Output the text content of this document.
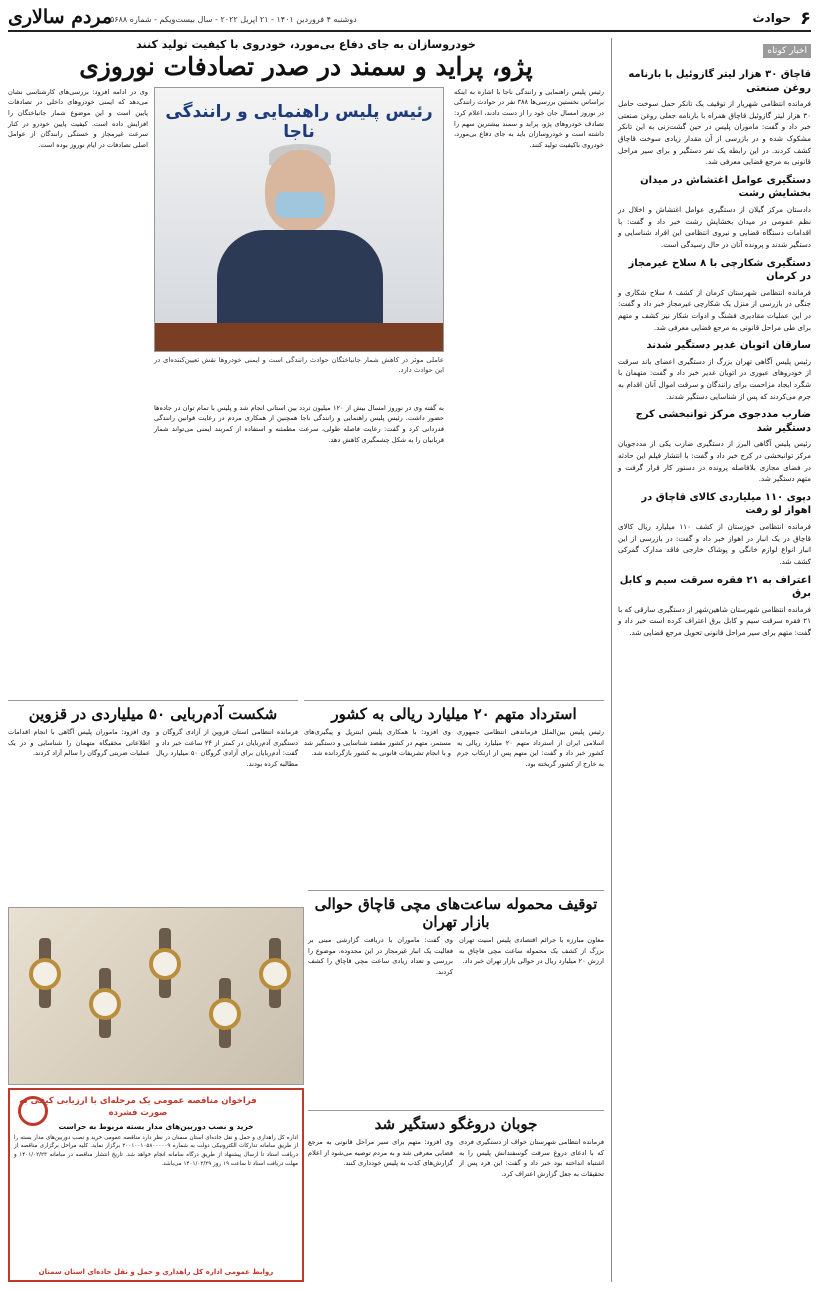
۶
حوادث
مردم سالاری
دوشنبه ۴ فروردین ۱۴۰۱ - ۲۱ اپریل ۲۰۲۲ - سال بیست‌ویکم - شماره ۵۶۸۸
اخبار کوتاه
قاچاق ۳۰ هزار لیتر گازوئیل با بارنامه روغن صنعتی

فرمانده انتظامی شهریار از توقیف یک تانکر حمل سوخت حامل ۳۰ هزار لیتر گازوئیل قاچاق همراه با بارنامه جعلی روغن صنعتی خبر داد و گفت: ماموران پلیس در حین گشت‌زنی به این تانکر مشکوک شده و در بازرسی از آن مقدار زیادی سوخت قاچاق کشف کردند. در این رابطه یک نفر دستگیر و برای سیر مراحل قانونی به مرجع قضایی معرفی شد.

دستگیری عوامل اغتشاش در میدان بخشایش رشت

دادستان مرکز گیلان از دستگیری عوامل اغتشاش و اخلال در نظم عمومی در میدان بخشایش رشت خبر داد و گفت: با اقدامات دستگاه قضایی و نیروی انتظامی این افراد شناسایی و دستگیر شدند و پرونده آنان در حال رسیدگی است.

دستگیری شکارچی با ۸ سلاح غیرمجاز در کرمان

فرمانده انتظامی شهرستان کرمان از کشف ۸ سلاح شکاری و جنگی در بازرسی از منزل یک شکارچی غیرمجاز خبر داد و گفت: در این عملیات مقادیری فشنگ و ادوات شکار نیز کشف و متهم برای طی مراحل قانونی به مرجع قضایی معرفی شد.

سارقان اتوبان غدیر دستگیر شدند

رئیس پلیس آگاهی تهران بزرگ از دستگیری اعضای باند سرقت از خودروهای عبوری در اتوبان غدیر خبر داد و گفت: متهمان با شگرد ایجاد مزاحمت برای رانندگان و سرقت اموال آنان اقدام به جرم می‌کردند که پس از شناسایی دستگیر شدند.

ضارب مددجوی مرکز توانبخشی کرج دستگیر شد

رئیس پلیس آگاهی البرز از دستگیری ضارب یکی از مددجویان مرکز توانبخشی در کرج خبر داد و گفت: با انتشار فیلم این حادثه در فضای مجازی بلافاصله پرونده در دستور کار قرار گرفت و متهم دستگیر شد.

دپوی ۱۱۰ میلیاردی کالای قاچاق در اهواز لو رفت

فرمانده انتظامی خوزستان از کشف ۱۱۰ میلیارد ریال کالای قاچاق در یک انبار در اهواز خبر داد و گفت: در بازرسی از این انبار انواع لوازم خانگی و پوشاک خارجی فاقد مدارک گمرکی کشف شد.

اعتراف به ۲۱ فقره سرقت سیم و کابل برق

فرمانده انتظامی شهرستان شاهین‌شهر از دستگیری سارقی که با ۲۱ فقره سرقت سیم و کابل برق اعتراف کرده است خبر داد و گفت: متهم برای سیر مراحل قانونی تحویل مرجع قضایی شد.

خودروسازان به جای دفاع بی‌مورد، خودروی با کیفیت تولید کنند
پژو، پراید و سمند در صدر تصادفات نوروزی

رئیس پلیس راهنمایی و رانندگی ناجا با اشاره به اینکه براساس نخستین بررسی‌ها ۳۸۸ نفر در حوادث رانندگی در نوروز امسال جان خود را از دست دادند، اعلام کرد: تصادف خودروهای پژو، پراید و سمند بیشترین سهم را داشته است و خودروسازان باید به جای دفاع بی‌مورد، خودروی باکیفیت تولید کنند.

رئیس پلیس راهنمایی و رانندگی ناجا

عاملی موثر در کاهش شمار جانباختگان حوادث رانندگی است و ایمنی خودروها نقش تعیین‌کننده‌ای در این حوادث دارد.

به گفته وی در نوروز امسال بیش از ۱۲۰ میلیون تردد بین استانی انجام شد و پلیس با تمام توان در جاده‌ها حضور داشت. رئیس پلیس راهنمایی و رانندگی ناجا همچنین از همکاری مردم در رعایت قوانین رانندگی قدردانی کرد و گفت: رعایت فاصله طولی، سرعت مطمئنه و استفاده از کمربند ایمنی می‌تواند شمار قربانیان را به شکل چشمگیری کاهش دهد.

وی در ادامه افزود: بررسی‌های کارشناسی نشان می‌دهد که ایمنی خودروهای داخلی در تصادفات پایین است و این موضوع شمار جانباختگان را افزایش داده است. کیفیت پایین خودرو در کنار سرعت غیرمجاز و خستگی رانندگان از عوامل اصلی تصادفات در ایام نوروز بوده است.

استرداد متهم ۲۰ میلیارد ریالی به کشور

رئیس پلیس بین‌الملل فرماندهی انتظامی جمهوری اسلامی ایران از استرداد متهم ۲۰ میلیارد ریالی به کشور خبر داد و گفت: این متهم پس از ارتکاب جرم به خارج از کشور گریخته بود.

وی افزود: با همکاری پلیس اینترپل و پیگیری‌های مستمر، متهم در کشور مقصد شناسایی و دستگیر شد و با انجام تشریفات قانونی به کشور بازگردانده شد.

شکست آدم‌ربایی ۵۰ میلیاردی در قزوین

فرمانده انتظامی استان قزوین از آزادی گروگان و دستگیری آدم‌ربایان در کمتر از ۲۴ ساعت خبر داد و گفت: آدم‌ربایان برای آزادی گروگان ۵۰ میلیارد ریال مطالبه کرده بودند.

وی افزود: ماموران پلیس آگاهی با انجام اقدامات اطلاعاتی مخفیگاه متهمان را شناسایی و در یک عملیات ضربتی گروگان را سالم آزاد کردند.

توقیف محموله ساعت‌های مچی قاچاق حوالی بازار تهران

معاون مبارزه با جرائم اقتصادی پلیس امنیت تهران بزرگ از کشف یک محموله ساعت مچی قاچاق به ارزش ۲۰ میلیارد ریال در حوالی بازار تهران خبر داد.

وی گفت: ماموران با دریافت گزارشی مبنی بر فعالیت یک انبار غیرمجاز در این محدوده، موضوع را بررسی و تعداد زیادی ساعت مچی قاچاق را کشف کردند.

جوبان دروغگو دستگیر شد

فرمانده انتظامی شهرستان خواف از دستگیری فردی که با ادعای دروغ سرقت گوسفندانش پلیس را به اشتباه انداخته بود خبر داد و گفت: این فرد پس از تحقیقات به جعل گزارش اعتراف کرد.

وی افزود: متهم برای سیر مراحل قانونی به مرجع قضایی معرفی شد و به مردم توصیه می‌شود از اعلام گزارش‌های کذب به پلیس خودداری کنند.

فراخوان مناقصه عمومی یک مرحله‌ای با ارزیابی کیفی به صورت فشرده
خرید و نصب دوربین‌های مدار بسته مربوط به حراست

اداره کل راهداری و حمل و نقل جاده‌ای استان سمنان در نظر دارد مناقصه عمومی خرید و نصب دوربین‌های مدار بسته را از طریق سامانه تدارکات الکترونیکی دولت به شماره ۲۰۰۱۰۰۱۰۵۸۰۰۰۰۰۹ برگزار نماید. کلیه مراحل برگزاری مناقصه از دریافت اسناد تا ارسال پیشنهاد از طریق درگاه سامانه انجام خواهد شد. تاریخ انتشار مناقصه در سامانه ۱۴۰۱/۰۲/۲۳ و مهلت دریافت اسناد تا ساعت ۱۹ روز ۱۴۰۱/۰۲/۲۹ می‌باشد.

روابط عمومی اداره کل راهداری و حمل و نقل جاده‌ای استان سمنان
